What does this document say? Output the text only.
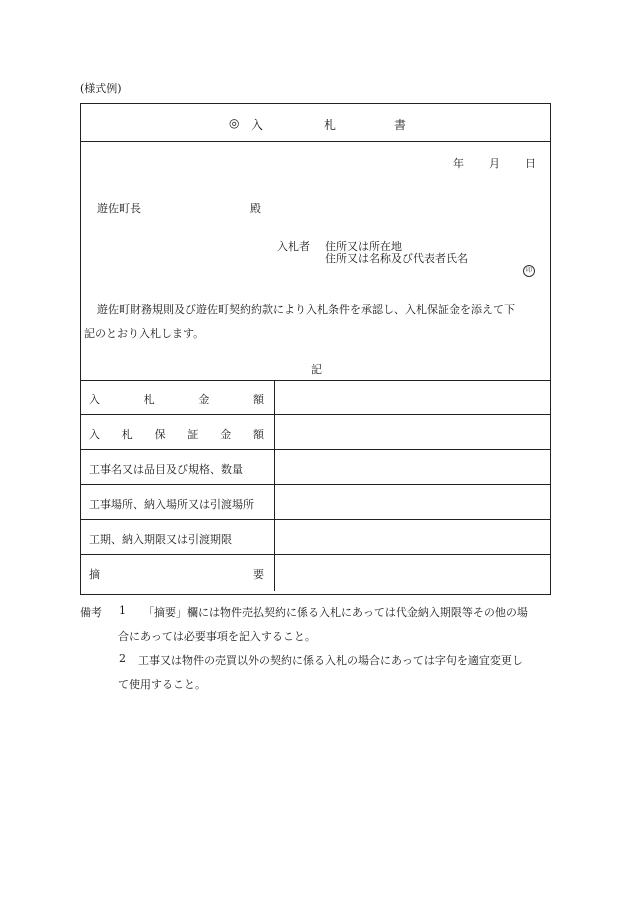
(様式例)
◎ 入	札	書
年 月 日
遊佐町長	殿
入札者 住所又は所在地
住所又は名称及び代表者氏名
印
遊佐町財務規則及び遊佐町契約約款により入札条件を承認し、入札保証金を添えて下
記のとおり入札します。
記
入	札	金	額
入 札 保 証 金 額
工事名又は品目及び規格、数量
工事場所、納入場所又は引渡場所
工期、納入期限又は引渡期限
摘	要
備考 1 「摘要」欄には物件売払契約に係る入札にあっては代金納入期限等その他の場
合にあっては必要事項を記入すること。
2 工事又は物件の売買以外の契約に係る入札の場合にあっては字句を適宜変更し
て使用すること。
